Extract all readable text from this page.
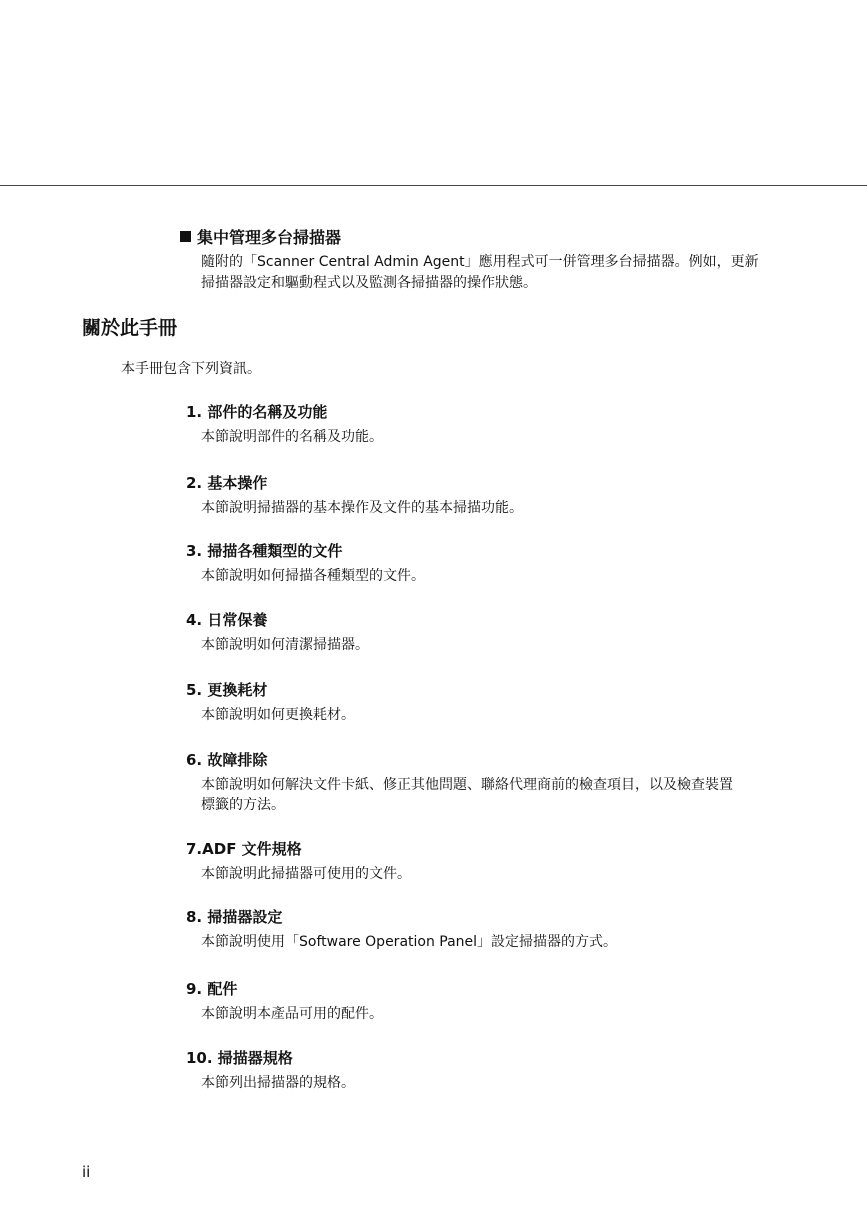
集中管理多台掃描器
隨附的「Scanner Central Admin Agent」應用程式可一併管理多台掃描器。例如，更新掃描器設定和驅動程式以及監測各掃描器的操作狀態。
關於此手冊
本手冊包含下列資訊。
1. 部件的名稱及功能
本節說明部件的名稱及功能。
2. 基本操作
本節說明掃描器的基本操作及文件的基本掃描功能。
3. 掃描各種類型的文件
本節說明如何掃描各種類型的文件。
4. 日常保養
本節說明如何清潔掃描器。
5. 更換耗材
本節說明如何更換耗材。
6. 故障排除
本節說明如何解決文件卡紙、修正其他問題、聯絡代理商前的檢查項目，以及檢查裝置標籤的方法。
7.ADF 文件規格
本節說明此掃描器可使用的文件。
8. 掃描器設定
本節說明使用「Software Operation Panel」設定掃描器的方式。
9. 配件
本節說明本產品可用的配件。
10. 掃描器規格
本節列出掃描器的規格。
ii
